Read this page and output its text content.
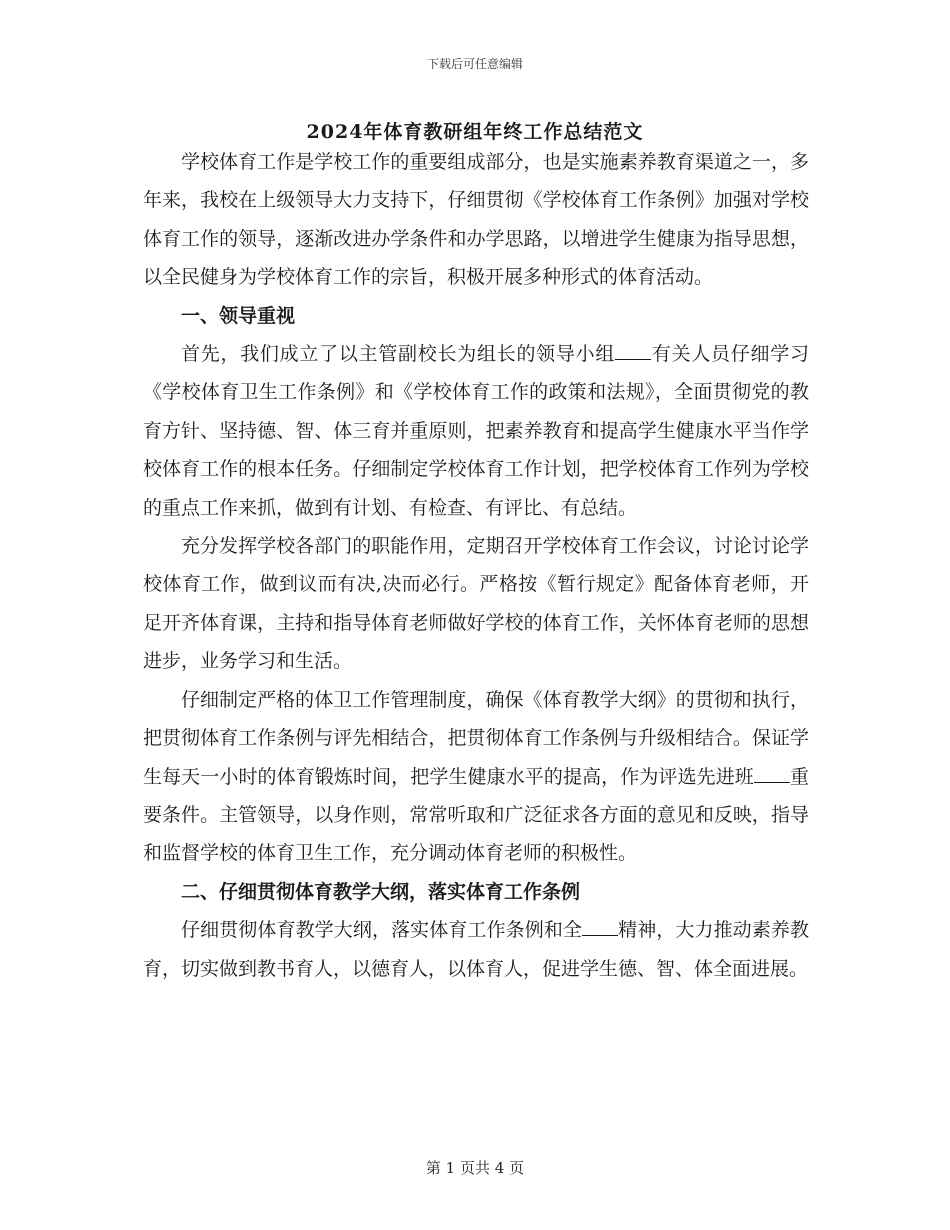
下载后可任意编辑
2024年体育教研组年终工作总结范文

学校体育工作是学校工作的重要组成部分，也是实施素养教育渠道之一，多年来，我校在上级领导大力支持下，仔细贯彻《学校体育工作条例》加强对学校体育工作的领导，逐渐改进办学条件和办学思路，以增进学生健康为指导思想，以全民健身为学校体育工作的宗旨，积极开展多种形式的体育活动。

一、领导重视

首先，我们成立了以主管副校长为组长的领导小组 有关人员仔细学习《学校体育卫生工作条例》和《学校体育工作的政策和法规》，全面贯彻党的教育方针、坚持德、智、体三育并重原则，把素养教育和提高学生健康水平当作学校体育工作的根本任务。仔细制定学校体育工作计划，把学校体育工作列为学校的重点工作来抓，做到有计划、有检查、有评比、有总结。

充分发挥学校各部门的职能作用，定期召开学校体育工作会议，讨论讨论学校体育工作，做到议而有决,决而必行。严格按《暂行规定》配备体育老师，开足开齐体育课，主持和指导体育老师做好学校的体育工作，关怀体育老师的思想进步，业务学习和生活。

仔细制定严格的体卫工作管理制度，确保《体育教学大纲》的贯彻和执行，把贯彻体育工作条例与评先相结合，把贯彻体育工作条例与升级相结合。保证学生每天一小时的体育锻炼时间，把学生健康水平的提高，作为评选先进班 重要条件。主管领导，以身作则，常常听取和广泛征求各方面的意见和反映，指导和监督学校的体育卫生工作，充分调动体育老师的积极性。

二、仔细贯彻体育教学大纲，落实体育工作条例

仔细贯彻体育教学大纲，落实体育工作条例和全 精神，大力推动素养教育，切实做到教书育人，以德育人，以体育人，促进学生德、智、体全面进展。

第 1 页共 4 页
